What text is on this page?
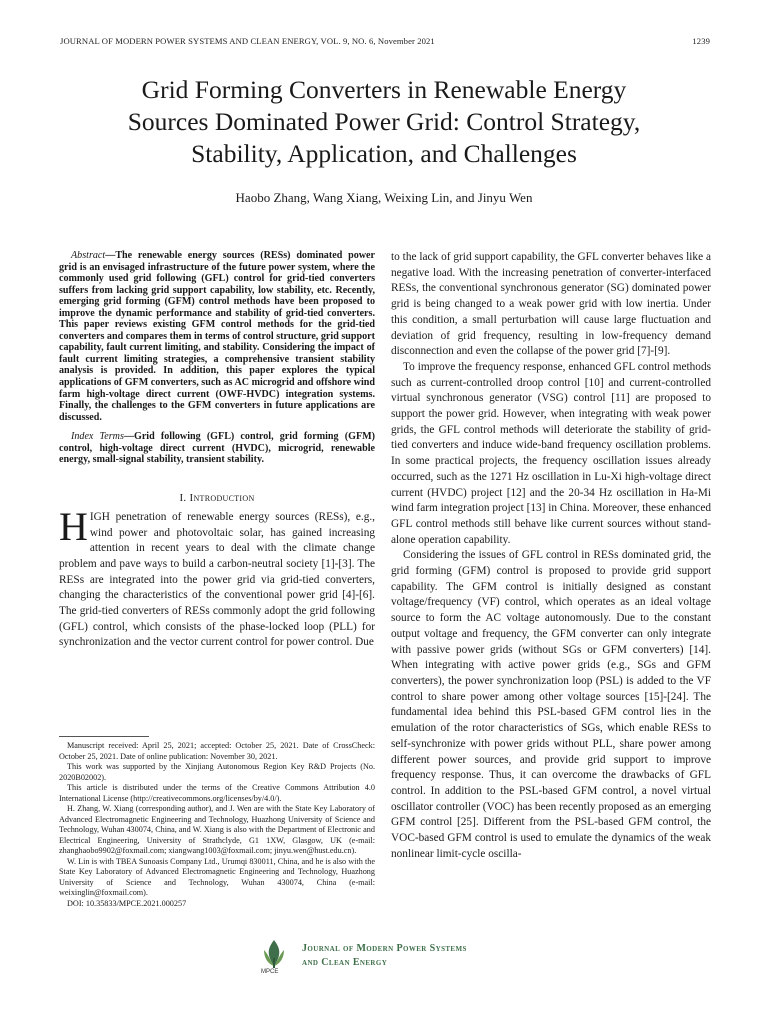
JOURNAL OF MODERN POWER SYSTEMS AND CLEAN ENERGY, VOL. 9, NO. 6, November 2021	1239
Grid Forming Converters in Renewable Energy
Sources Dominated Power Grid: Control Strategy,
Stability, Application, and Challenges
Haobo Zhang, Wang Xiang, Weixing Lin, and Jinyu Wen

Abstract—The renewable energy sources (RESs) dominated power grid is an envisaged infrastructure of the future power system, where the commonly used grid following (GFL) control for grid-tied converters suffers from lacking grid support capability, low stability, etc. Recently, emerging grid forming (GFM) control methods have been proposed to improve the dynamic performance and stability of grid-tied converters. This paper reviews existing GFM control methods for the grid-tied converters and compares them in terms of control structure, grid support capability, fault current limiting, and stability. Considering the impact of fault current limiting strategies, a comprehensive transient stability analysis is provided. In addition, this paper explores the typical applications of GFM converters, such as AC microgrid and offshore wind farm high-voltage direct current (OWF-HVDC) integration systems. Finally, the challenges to the GFM converters in future applications are discussed.

Index Terms—Grid following (GFL) control, grid forming (GFM) control, high-voltage direct current (HVDC), microgrid, renewable energy, small-signal stability, transient stability.

I. Introduction

HIGH penetration of renewable energy sources (RESs), e.g., wind power and photovoltaic solar, has gained increasing attention in recent years to deal with the climate change problem and pave ways to build a carbon-neutral society [1]-[3]. The RESs are integrated into the power grid via grid-tied converters, changing the characteristics of the conventional power grid [4]-[6]. The grid-tied converters of RESs commonly adopt the grid following (GFL) control, which consists of the phase-locked loop (PLL) for synchronization and the vector current control for power control. Due

Manuscript received: April 25, 2021; accepted: October 25, 2021. Date of CrossCheck: October 25, 2021. Date of online publication: November 30, 2021.

This work was supported by the Xinjiang Autonomous Region Key R&D Projects (No. 2020B02002).

This article is distributed under the terms of the Creative Commons Attribution 4.0 International License (http://creativecommons.org/licenses/by/4.0/).

H. Zhang, W. Xiang (corresponding author), and J. Wen are with the State Key Laboratory of Advanced Electromagnetic Engineering and Technology, Huazhong University of Science and Technology, Wuhan 430074, China, and W. Xiang is also with the Department of Electronic and Electrical Engineering, University of Strathclyde, G1 1XW, Glasgow, UK (e-mail: zhanghaobo9902@foxmail.com; xiangwang1003@foxmail.com; jinyu.wen@hust.edu.cn).

W. Lin is with TBEA Sunoasis Company Ltd., Urumqi 830011, China, and he is also with the State Key Laboratory of Advanced Electromagnetic Engineering and Technology, Huazhong University of Science and Technology, Wuhan 430074, China (e-mail: weixinglin@foxmail.com).

DOI: 10.35833/MPCE.2021.000257

to the lack of grid support capability, the GFL converter behaves like a negative load. With the increasing penetration of converter-interfaced RESs, the conventional synchronous generator (SG) dominated power grid is being changed to a weak power grid with low inertia. Under this condition, a small perturbation will cause large fluctuation and deviation of grid frequency, resulting in low-frequency demand disconnection and even the collapse of the power grid [7]-[9].

To improve the frequency response, enhanced GFL control methods such as current-controlled droop control [10] and current-controlled virtual synchronous generator (VSG) control [11] are proposed to support the power grid. However, when integrating with weak power grids, the GFL control methods will deteriorate the stability of grid-tied converters and induce wide-band frequency oscillation problems. In some practical projects, the frequency oscillation issues already occurred, such as the 1271 Hz oscillation in Lu-Xi high-voltage direct current (HVDC) project [12] and the 20-34 Hz oscillation in Ha-Mi wind farm integration project [13] in China. Moreover, these enhanced GFL control methods still behave like current sources without stand-alone operation capability.

Considering the issues of GFL control in RESs dominated grid, the grid forming (GFM) control is proposed to provide grid support capability. The GFM control is initially designed as constant voltage/frequency (VF) control, which operates as an ideal voltage source to form the AC voltage autonomously. Due to the constant output voltage and frequency, the GFM converter can only integrate with passive power grids (without SGs or GFM converters) [14]. When integrating with active power grids (e.g., SGs and GFM converters), the power synchronization loop (PSL) is added to the VF control to share power among other voltage sources [15]-[24]. The fundamental idea behind this PSL-based GFM control lies in the emulation of the rotor characteristics of SGs, which enable RESs to self-synchronize with power grids without PLL, share power among different power sources, and provide grid support to improve frequency response. Thus, it can overcome the drawbacks of GFL control. In addition to the PSL-based GFM control, a novel virtual oscillator controller (VOC) has been recently proposed as an emerging GFM control [25]. Different from the PSL-based GFM control, the VOC-based GFM control is used to emulate the dynamics of the weak nonlinear limit-cycle oscilla-

MPCE
Journal of Modern Power Systems
and Clean Energy
